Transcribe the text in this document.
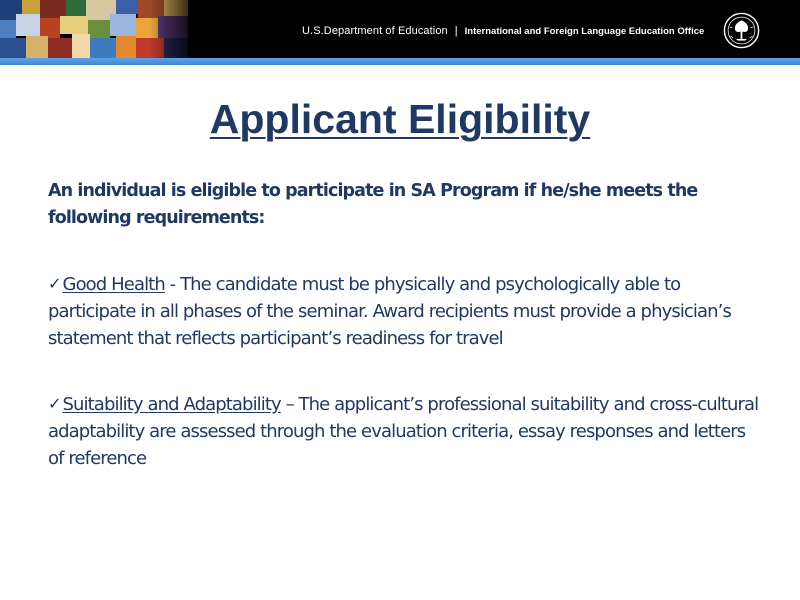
U.S.Department of Education | International and Foreign Language Education Office
Applicant Eligibility
An individual is eligible to participate in SA Program if he/she meets the following requirements:
✓ Good Health - The candidate must be physically and psychologically able to participate in all phases of the seminar. Award recipients must provide a physician’s statement that reflects participant’s readiness for travel
✓ Suitability and Adaptability – The applicant’s professional suitability and cross-cultural adaptability are assessed through the evaluation criteria, essay responses and letters of reference
